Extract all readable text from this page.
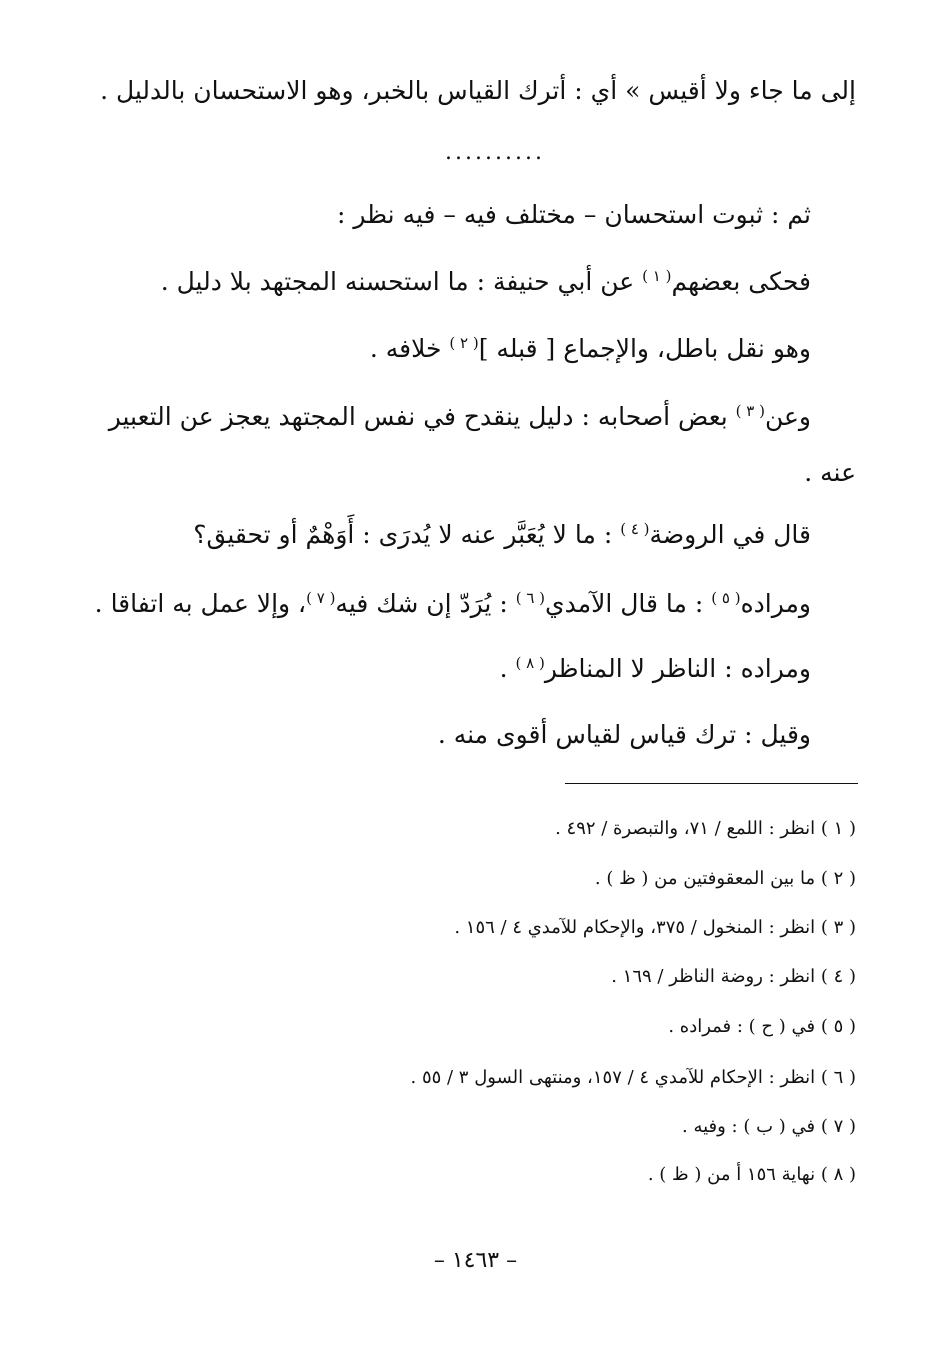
إلى ما جاء ولا أقيس » أي : أترك القياس بالخبر، وهو الاستحسان بالدليل .
..........
ثم : ثبوت استحسان – مختلف فيه – فيه نظر :
فحكى بعضهم$^{( ١ )}$ عن أبي حنيفة : ما استحسنه المجتهد بلا دليل .
وهو نقل باطل، والإجماع [ قبله ]$^{( ٢ )}$ خلافه .
وعن$^{( ٣ )}$ بعض أصحابه : دليل ينقدح في نفس المجتهد يعجز عن التعبير
عنه .
قال في الروضة$^{( ٤ )}$ : ما لا يُعَبَّر عنه لا يُدرَى : أَوَهْمٌ أو تحقيق؟
ومراده$^{( ٥ )}$ : ما قال الآمدي$^{( ٦ )}$ : يُرَدّ إن شك فيه$^{( ٧ )}$، وإلا عمل به اتفاقا .
ومراده : الناظر لا المناظر$^{( ٨ )}$ .
وقيل : ترك قياس لقياس أقوى منه .
( ١ ) انظر : اللمع / ٧١، والتبصرة / ٤٩٢ .
( ٢ ) ما بين المعقوفتين من ( ظ ) .
( ٣ ) انظر : المنخول / ٣٧٥، والإحكام للآمدي ٤ / ١٥٦ .
( ٤ ) انظر : روضة الناظر / ١٦٩ .
( ٥ ) في ( ح ) : فمراده .
( ٦ ) انظر : الإحكام للآمدي ٤ / ١٥٧، ومنتهى السول ٣ / ٥٥ .
( ٧ ) في ( ب ) : وفيه .
( ٨ ) نهاية ١٥٦ أ من ( ظ ) .
– ١٤٦٣ –
